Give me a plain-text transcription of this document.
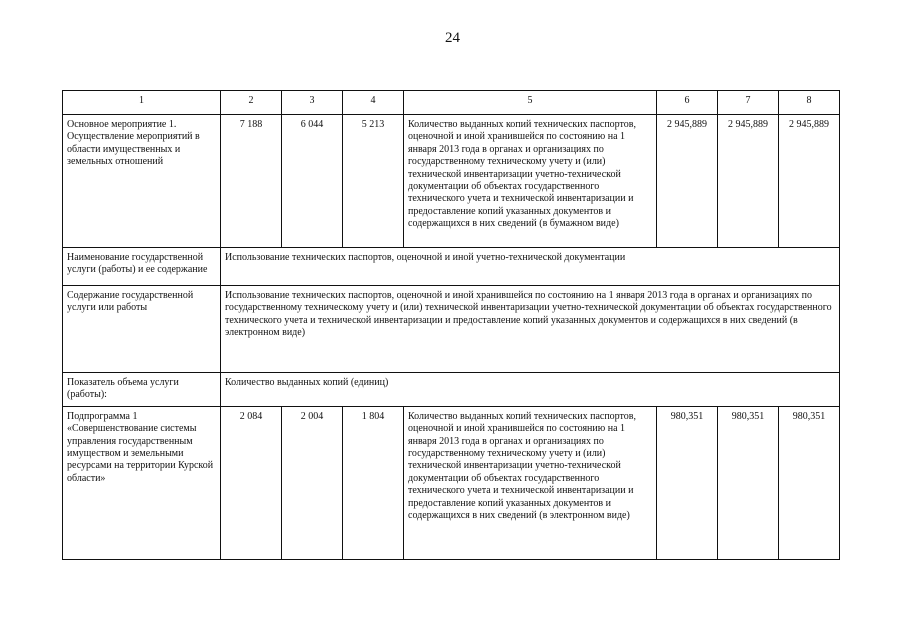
24
1	2	3	4	5	6	7	8
Основное мероприятие 1. Осуществление мероприятий в области имущественных и земельных отношений	7 188	6 044	5 213	Количество выданных копий технических паспортов, оценочной и иной хранившейся по состоянию на 1 января 2013 года в органах и организациях по государственному техническому учету и (или) технической инвентаризации учетно-технической документации об объектах государственного технического учета и технической инвентаризации и предоставление копий указанных документов и содержащихся в них сведений (в бумажном виде)	2 945,889	2 945,889	2 945,889
Наименование государственной услуги (работы) и ее содержание	Использование технических паспортов, оценочной и иной учетно-технической документации						
Содержание государственной услуги или работы	Использование технических паспортов, оценочной и иной хранившейся по состоянию на 1 января 2013 года в органах и организациях по государственному техническому учету и (или) технической инвентаризации учетно-технической документации об объектах государственного технического учета и технической инвентаризации и предоставление копий указанных документов и содержащихся в них сведений (в электронном виде)						
Показатель объема услуги (работы):	Количество выданных копий (единиц)						
Подпрограмма 1 «Совершенствование системы управления государственным имуществом и земельными ресурсами на территории Курской области»	2 084	2 004	1 804	Количество выданных копий технических паспортов, оценочной и иной хранившейся по состоянию на 1 января 2013 года в органах и организациях по государственному техническому учету и (или) технической инвентаризации учетно-технической документации об объектах государственного технического учета и технической инвентаризации и предоставление копий указанных документов и содержащихся в них сведений (в электронном виде)	980,351	980,351	980,351
